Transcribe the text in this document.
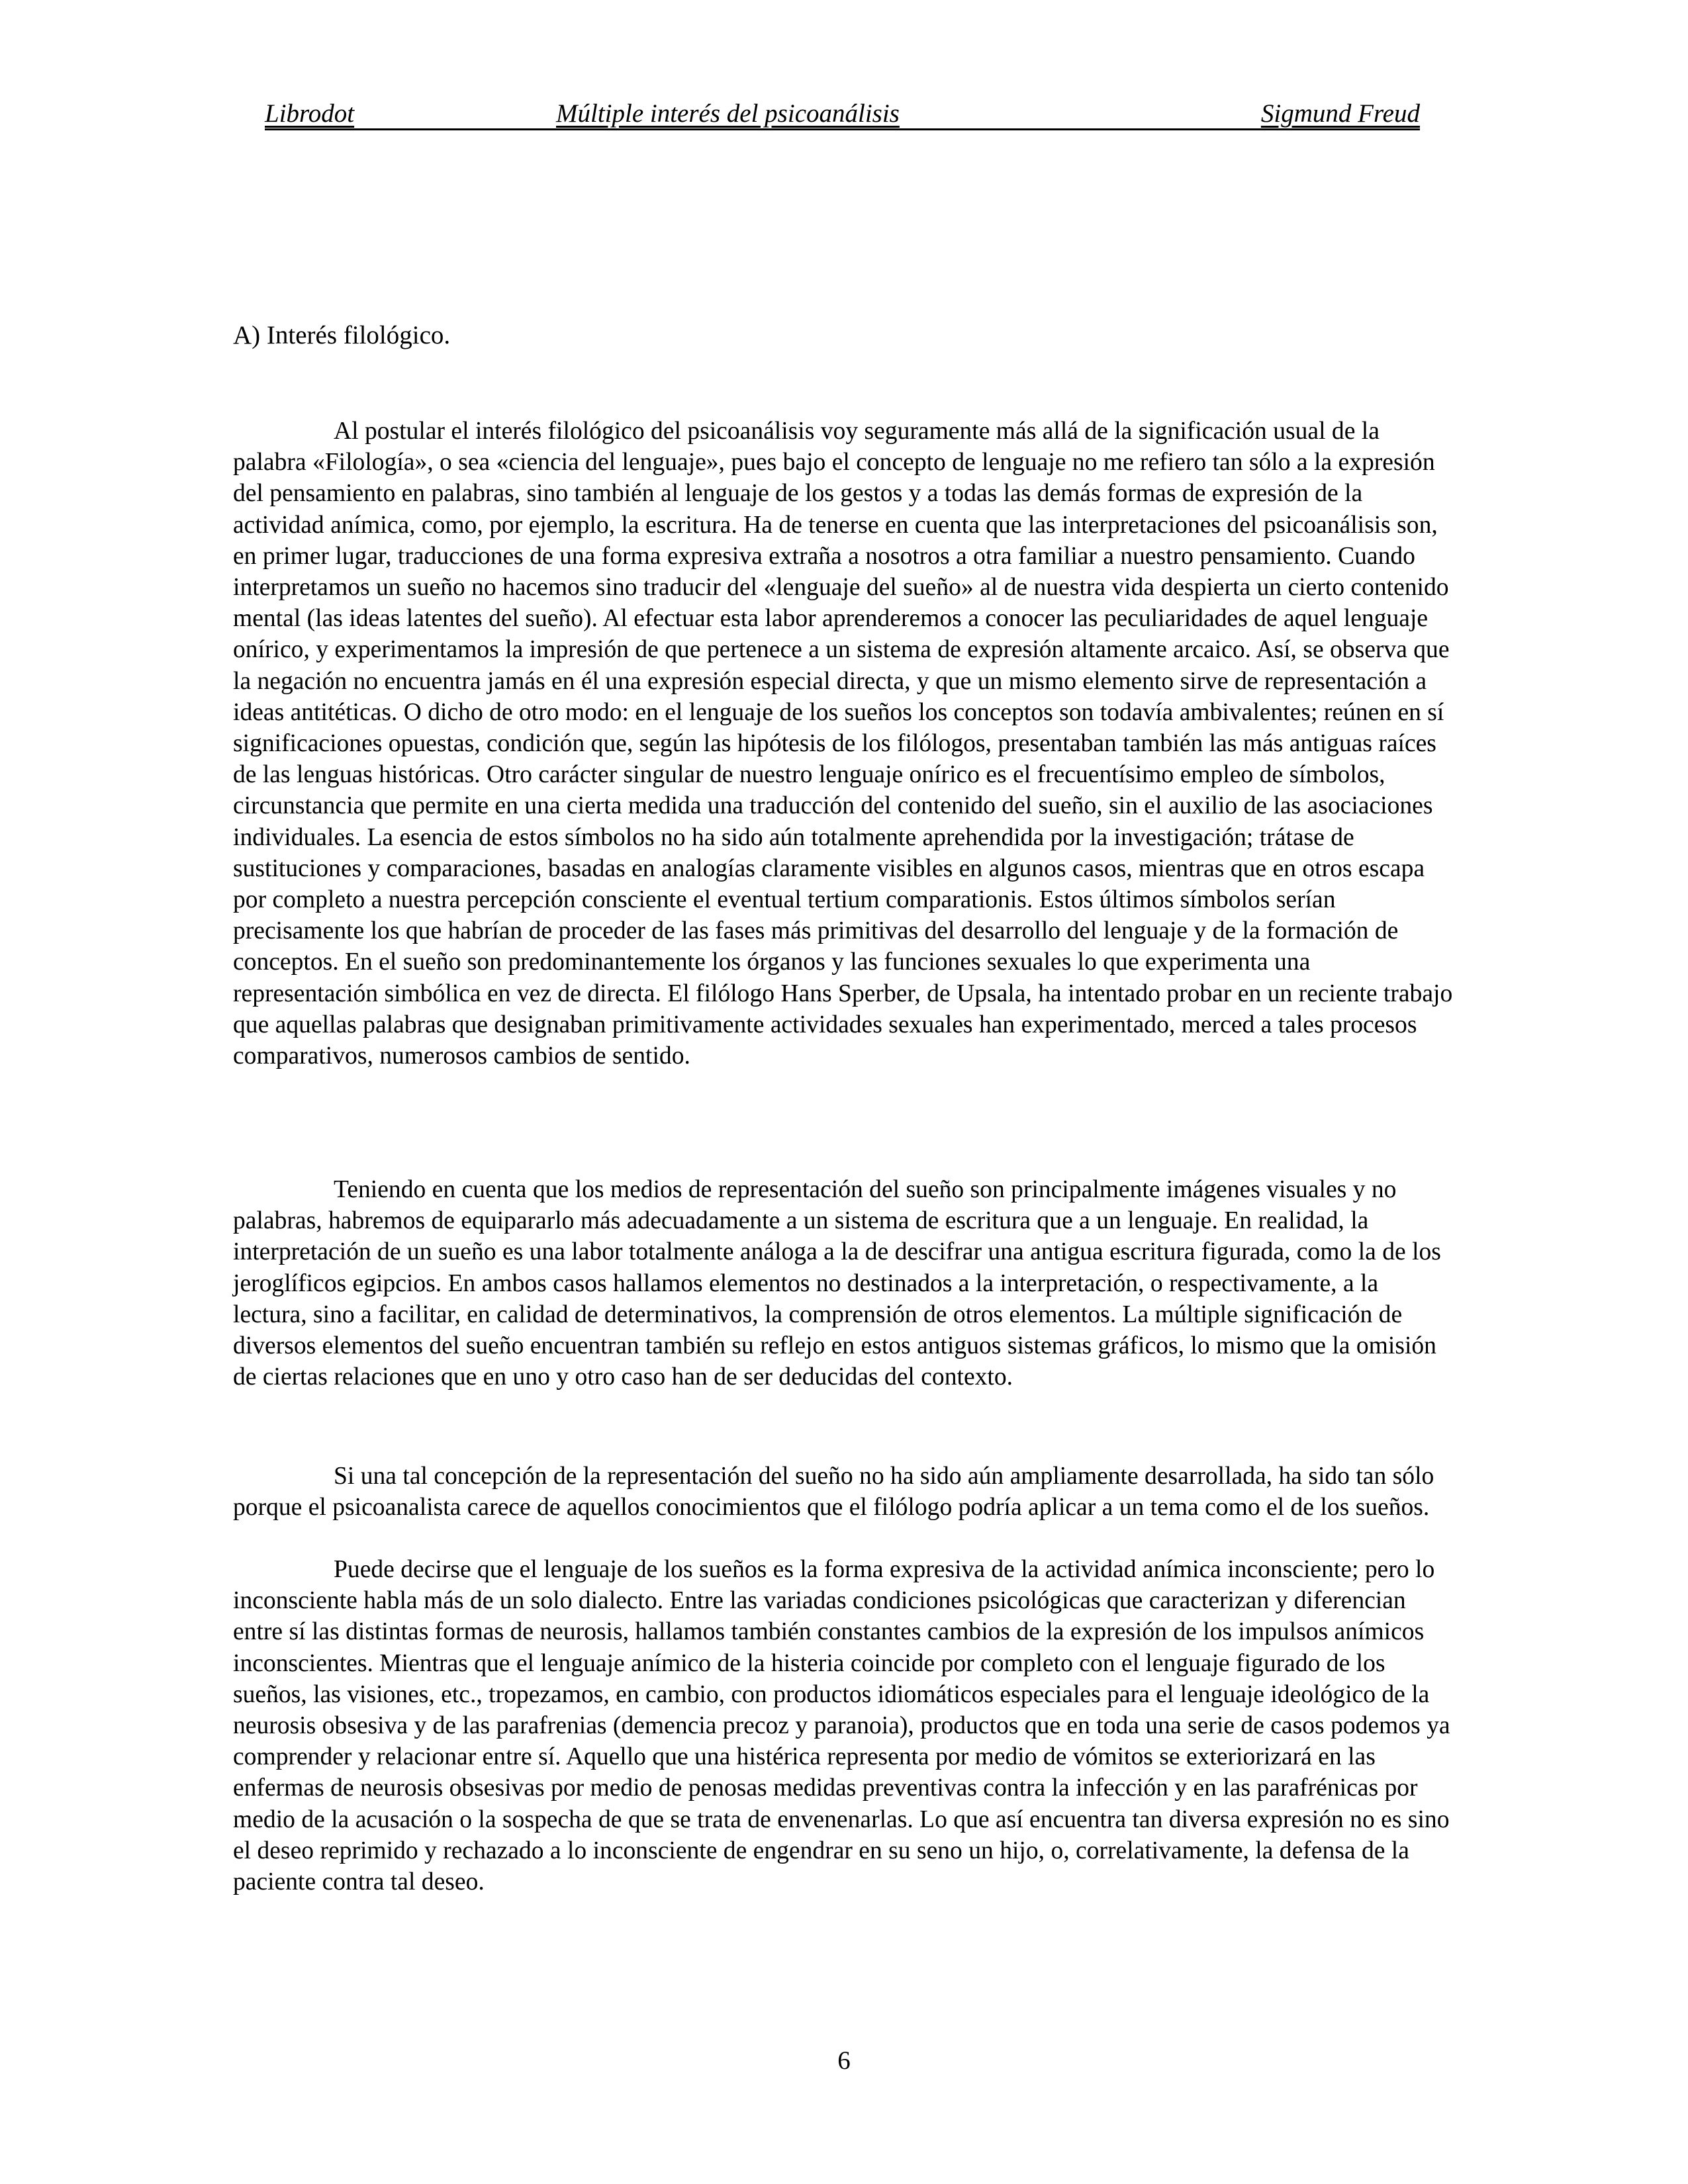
Librodot	Múltiple interés del psicoanálisis	Sigmund Freud
A) Interés filológico.

Al postular el interés filológico del psicoanálisis voy seguramente más allá de la significación usual de la palabra «Filología», o sea «ciencia del lenguaje», pues bajo el concepto de lenguaje no me refiero tan sólo a la expresión del pensamiento en palabras, sino también al lenguaje de los gestos y a todas las demás formas de expresión de la actividad anímica, como, por ejemplo, la escritura. Ha de tenerse en cuenta que las interpretaciones del psicoanálisis son, en primer lugar, traducciones de una forma expresiva extraña a nosotros a otra familiar a nuestro pensamiento. Cuando interpretamos un sueño no hacemos sino traducir del «lenguaje del sueño» al de nuestra vida despierta un cierto contenido mental (las ideas latentes del sueño). Al efectuar esta labor aprenderemos a conocer las peculiaridades de aquel lenguaje onírico, y experimentamos la impresión de que pertenece a un sistema de expresión altamente arcaico. Así, se observa que la negación no encuentra jamás en él una expresión especial directa, y que un mismo elemento sirve de representación a ideas antitéticas. O dicho de otro modo: en el lenguaje de los sueños los conceptos son todavía ambivalentes; reúnen en sí significaciones opuestas, condición que, según las hipótesis de los filólogos, presentaban también las más antiguas raíces de las lenguas históricas. Otro carácter singular de nuestro lenguaje onírico es el frecuentísimo empleo de símbolos, circunstancia que permite en una cierta medida una traducción del contenido del sueño, sin el auxilio de las asociaciones individuales. La esencia de estos símbolos no ha sido aún totalmente aprehendida por la investigación; trátase de sustituciones y comparaciones, basadas en analogías claramente visibles en algunos casos, mientras que en otros escapa por completo a nuestra percepción consciente el eventual tertium comparationis. Estos últimos símbolos serían precisamente los que habrían de proceder de las fases más primitivas del desarrollo del lenguaje y de la formación de conceptos. En el sueño son predominantemente los órganos y las funciones sexuales lo que experimenta una representación simbólica en vez de directa. El filólogo Hans Sperber, de Upsala, ha intentado probar en un reciente trabajo que aquellas palabras que designaban primitivamente actividades sexuales han experimentado, merced a tales procesos comparativos, numerosos cambios de sentido.

Teniendo en cuenta que los medios de representación del sueño son principalmente imágenes visuales y no palabras, habremos de equipararlo más adecuadamente a un sistema de escritura que a un lenguaje. En realidad, la interpretación de un sueño es una labor totalmente análoga a la de descifrar una antigua escritura figurada, como la de los jeroglíficos egipcios. En ambos casos hallamos elementos no destinados a la interpretación, o respectivamente, a la lectura, sino a facilitar, en calidad de determinativos, la comprensión de otros elementos. La múltiple significación de diversos elementos del sueño encuentran también su reflejo en estos antiguos sistemas gráficos, lo mismo que la omisión de ciertas relaciones que en uno y otro caso han de ser deducidas del contexto.

Si una tal concepción de la representación del sueño no ha sido aún ampliamente desarrollada, ha sido tan sólo porque el psicoanalista carece de aquellos conocimientos que el filólogo podría aplicar a un tema como el de los sueños.

Puede decirse que el lenguaje de los sueños es la forma expresiva de la actividad anímica inconsciente; pero lo inconsciente habla más de un solo dialecto. Entre las variadas condiciones psicológicas que caracterizan y diferencian entre sí las distintas formas de neurosis, hallamos también constantes cambios de la expresión de los impulsos anímicos inconscientes. Mientras que el lenguaje anímico de la histeria coincide por completo con el lenguaje figurado de los sueños, las visiones, etc., tropezamos, en cambio, con productos idiomáticos especiales para el lenguaje ideológico de la neurosis obsesiva y de las parafrenias (demencia precoz y paranoia), productos que en toda una serie de casos podemos ya comprender y relacionar entre sí. Aquello que una histérica representa por medio de vómitos se exteriorizará en las enfermas de neurosis obsesivas por medio de penosas medidas preventivas contra la infección y en las parafrénicas por medio de la acusación o la sospecha de que se trata de envenenarlas. Lo que así encuentra tan diversa expresión no es sino el deseo reprimido y rechazado a lo inconsciente de engendrar en su seno un hijo, o, correlativamente, la defensa de la paciente contra tal deseo.

6
